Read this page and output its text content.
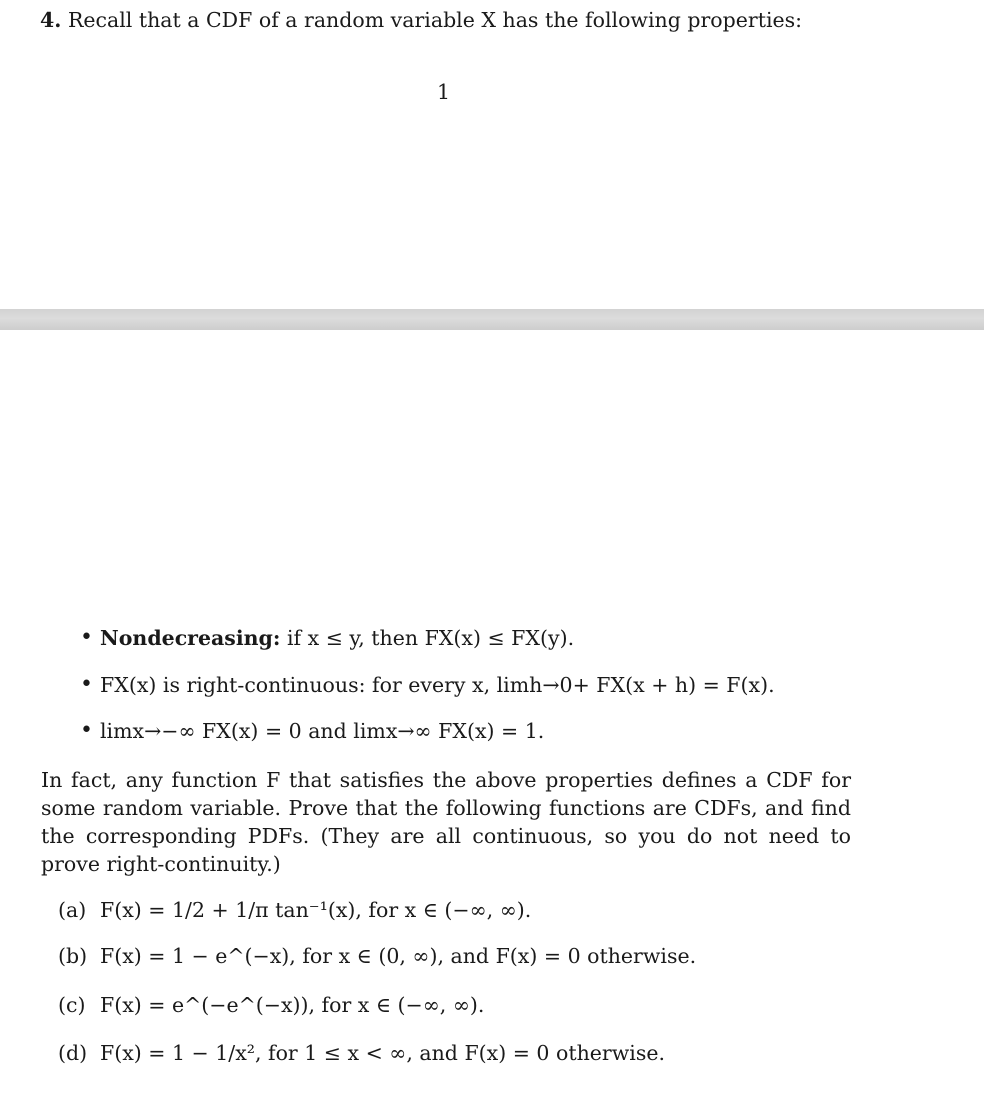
4. Recall that a CDF of a random variable X has the following properties:
1
• Nondecreasing: if x ≤ y, then FX(x) ≤ FX(y).
• FX(x) is right-continuous: for every x, limh→0+ FX(x + h) = F(x).
• limx→−∞ FX(x) = 0 and limx→∞ FX(x) = 1.
In fact, any function F that satisfies the above properties defines a CDF for some random variable. Prove that the following functions are CDFs, and find the corresponding PDFs. (They are all continuous, so you do not need to prove right-continuity.)
(a) F(x) = 1/2 + 1/π tan⁻¹(x), for x ∈ (−∞, ∞).
(b) F(x) = 1 − e^(−x), for x ∈ (0, ∞), and F(x) = 0 otherwise.
(c) F(x) = e^(−e^(−x)), for x ∈ (−∞, ∞).
(d) F(x) = 1 − 1/x², for 1 ≤ x < ∞, and F(x) = 0 otherwise.
